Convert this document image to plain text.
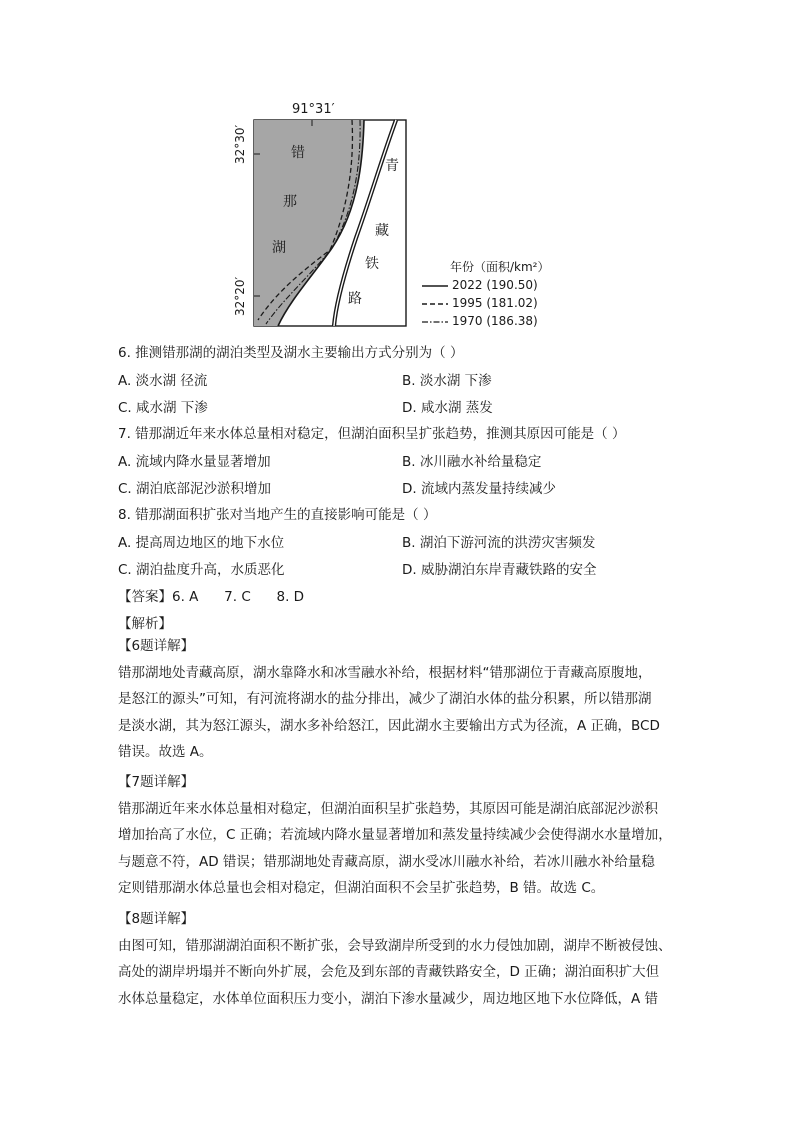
91°31′
32°30′
32°20′
错
那
湖
青
藏
铁
路
年份（面积/km²）
2022 (190.50)
1995 (181.02)
1970 (186.38)
6. 推测错那湖的湖泊类型及湖水主要输出方式分别为（ ）
A. 淡水湖 径流	B. 淡水湖 下渗
C. 咸水湖 下渗	D. 咸水湖 蒸发
7. 错那湖近年来水体总量相对稳定，但湖泊面积呈扩张趋势，推测其原因可能是（ ）
A. 流域内降水量显著增加	B. 冰川融水补给量稳定
C. 湖泊底部泥沙淤积增加	D. 流域内蒸发量持续减少
8. 错那湖面积扩张对当地产生的直接影响可能是（ ）
A. 提高周边地区的地下水位	B. 湖泊下游河流的洪涝灾害频发
C. 湖泊盐度升高，水质恶化	D. 威胁湖泊东岸青藏铁路的安全
【答案】6. A      7. C      8. D
【解析】

【6题详解】

错那湖地处青藏高原，湖水靠降水和冰雪融水补给，根据材料“错那湖位于青藏高原腹地，

是怒江的源头”可知，有河流将湖水的盐分排出，减少了湖泊水体的盐分积累，所以错那湖

是淡水湖，其为怒江源头，湖水多补给怒江，因此湖水主要输出方式为径流，A 正确，BCD

错误。故选 A。

【7题详解】

错那湖近年来水体总量相对稳定，但湖泊面积呈扩张趋势，其原因可能是湖泊底部泥沙淤积

增加抬高了水位，C 正确；若流域内降水量显著增加和蒸发量持续减少会使得湖水水量增加，

与题意不符，AD 错误；错那湖地处青藏高原，湖水受冰川融水补给，若冰川融水补给量稳

定则错那湖水体总量也会相对稳定，但湖泊面积不会呈扩张趋势，B 错。故选 C。

【8题详解】

由图可知，错那湖湖泊面积不断扩张，会导致湖岸所受到的水力侵蚀加剧，湖岸不断被侵蚀、

高处的湖岸坍塌并不断向外扩展，会危及到东部的青藏铁路安全，D 正确；湖泊面积扩大但

水体总量稳定，水体单位面积压力变小，湖泊下渗水量减少，周边地区地下水位降低，A 错
